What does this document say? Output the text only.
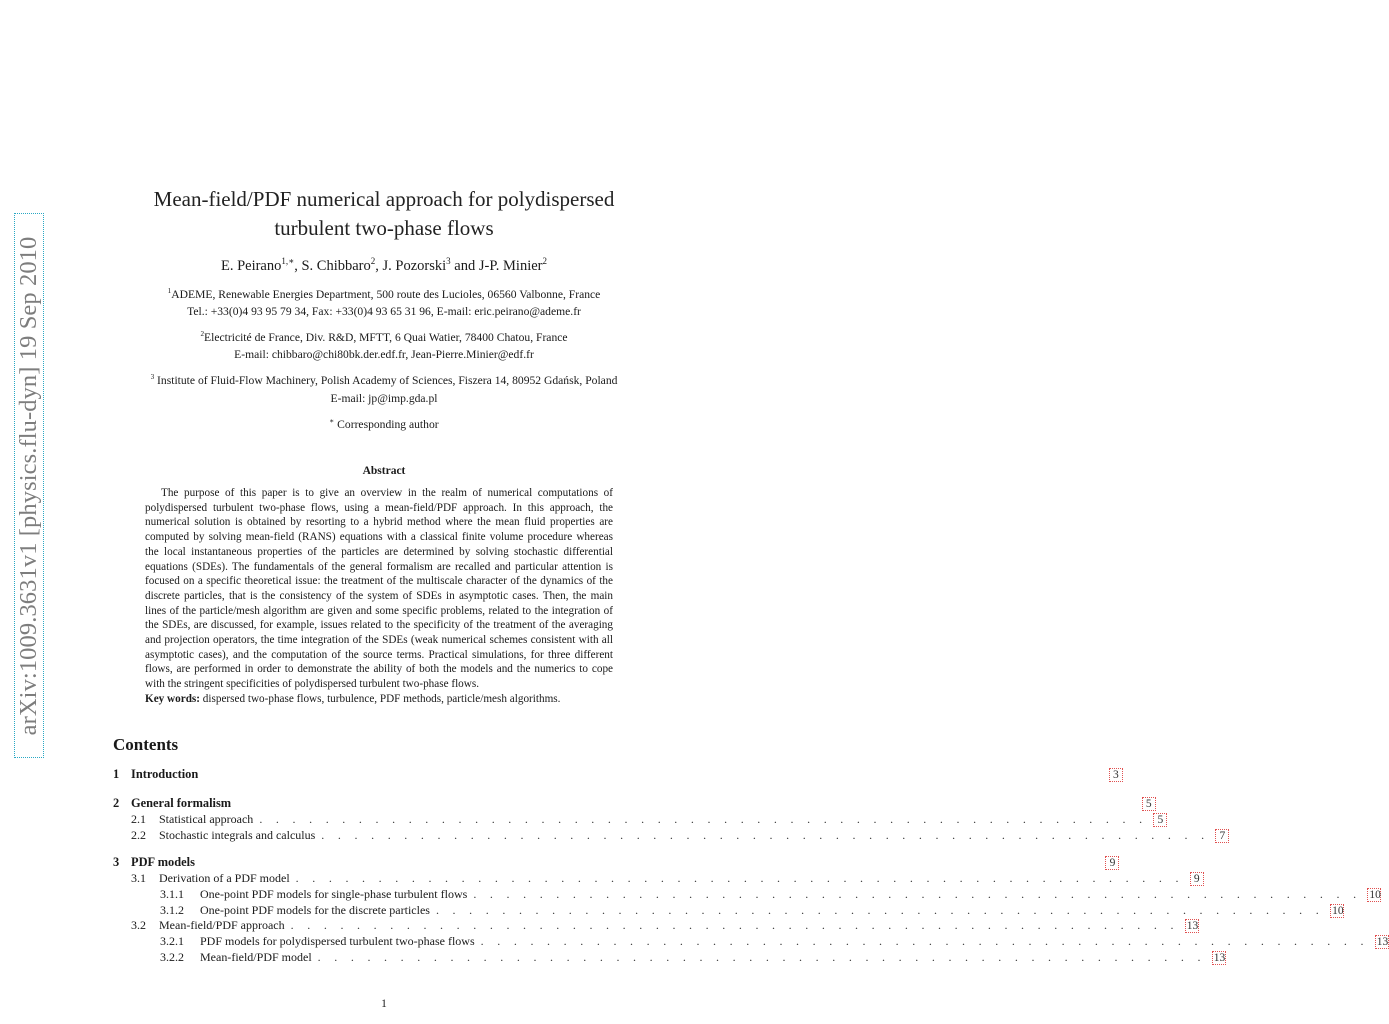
arXiv:1009.3631v1 [physics.flu-dyn] 19 Sep 2010
Mean-field/PDF numerical approach for polydispersed
turbulent two-phase flows
E. Peirano$^{1,∗}$, S. Chibbaro$^2$, J. Pozorski$^3$ and J-P. Minier$^2$
$^1$ADEME, Renewable Energies Department, 500 route des Lucioles, 06560 Valbonne, France
Tel.: +33(0)4 93 95 79 34, Fax: +33(0)4 93 65 31 96, E-mail: eric.peirano@ademe.fr
$^2$Electricité de France, Div. R&D, MFTT, 6 Quai Watier, 78400 Chatou, France
E-mail: chibbaro@chi80bk.der.edf.fr, Jean-Pierre.Minier@edf.fr
$^3$ Institute of Fluid-Flow Machinery, Polish Academy of Sciences, Fiszera 14, 80952 Gdańsk, Poland
E-mail: jp@imp.gda.pl
∗ Corresponding author
Abstract
The purpose of this paper is to give an overview in the realm of numerical computations of polydispersed turbulent two-phase flows, using a mean-field/PDF approach. In this approach, the numerical solution is obtained by resorting to a hybrid method where the mean fluid properties are computed by solving mean-field (RANS) equations with a classical finite volume procedure whereas the local instantaneous properties of the particles are determined by solving stochastic differential equations (SDEs). The fundamentals of the general formalism are recalled and particular attention is focused on a specific theoretical issue: the treatment of the multiscale character of the dynamics of the discrete particles, that is the consistency of the system of SDEs in asymptotic cases. Then, the main lines of the particle/mesh algorithm are given and some specific problems, related to the integration of the SDEs, are discussed, for example, issues related to the specificity of the treatment of the averaging and projection operators, the time integration of the SDEs (weak numerical schemes consistent with all asymptotic cases), and the computation of the source terms. Practical simulations, for three different flows, are performed in order to demonstrate the ability of both the models and the numerics to cope with the stringent specificities of polydispersed turbulent two-phase flows.
Key words: dispersed two-phase flows, turbulence, PDF methods, particle/mesh algorithms.
Contents
1 Introduction	3
2 General formalism	5
2.1	Statistical approach . . . . . . . . . . . . . . . . . . . . . . . . . . . . . . . . . . . . . . . . . . . . . . . . . . . . . . 5
2.2	Stochastic integrals and calculus . . . . . . . . . . . . . . . . . . . . . . . . . . . . . . . . . . . . . . . . . . . . . . . . . . . . . . 7
3 PDF models	9
3.1	Derivation of a PDF model . . . . . . . . . . . . . . . . . . . . . . . . . . . . . . . . . . . . . . . . . . . . . . . . . . . . . . 9
3.1.1	One-point PDF models for single-phase turbulent flows . . . . . . . . . . . . . . . . . . . . . . . . . . . . . . . . . . . . . . . . . . . . . . . . . . . . . . 10
3.1.2	One-point PDF models for the discrete particles . . . . . . . . . . . . . . . . . . . . . . . . . . . . . . . . . . . . . . . . . . . . . . . . . . . . . . 10
3.2	Mean-field/PDF approach . . . . . . . . . . . . . . . . . . . . . . . . . . . . . . . . . . . . . . . . . . . . . . . . . . . . . . 13
3.2.1	PDF models for polydispersed turbulent two-phase flows . . . . . . . . . . . . . . . . . . . . . . . . . . . . . . . . . . . . . . . . . . . . . . . . . . . . . . 13
3.2.2	Mean-field/PDF model . . . . . . . . . . . . . . . . . . . . . . . . . . . . . . . . . . . . . . . . . . . . . . . . . . . . . . 13
1
